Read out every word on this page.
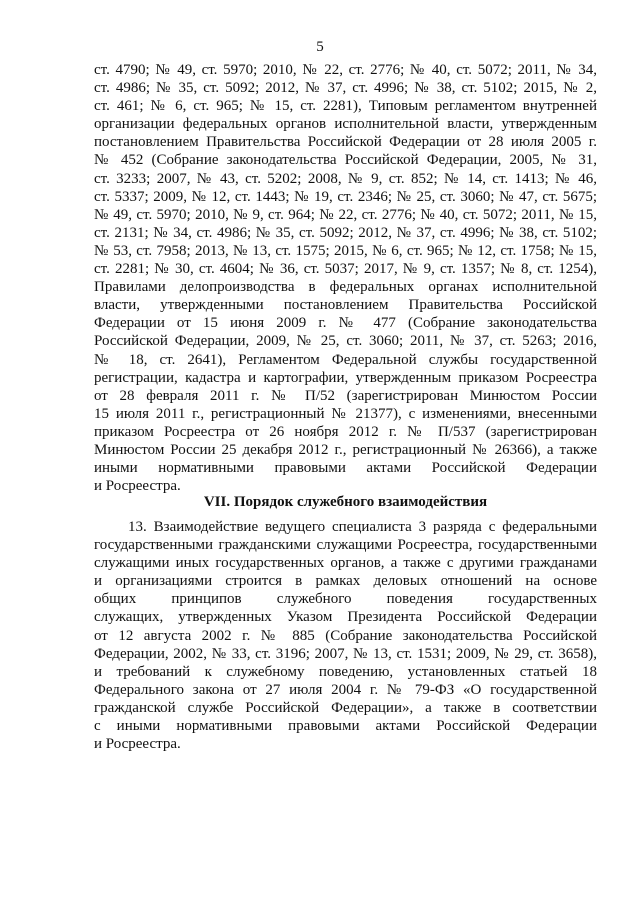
5
ст. 4790; № 49, ст. 5970; 2010, № 22, ст. 2776; № 40, ст. 5072; 2011, № 34,
ст. 4986; № 35, ст. 5092; 2012, № 37, ст. 4996; № 38, ст. 5102; 2015, № 2,
ст. 461; № 6, ст. 965; № 15, ст. 2281), Типовым регламентом внутренней
организации федеральных органов исполнительной власти, утвержденным
постановлением Правительства Российской Федерации от 28 июля 2005 г.
№ 452 (Собрание законодательства Российской Федерации, 2005, № 31,
ст. 3233; 2007, № 43, ст. 5202; 2008, № 9, ст. 852; № 14, ст. 1413; № 46,
ст. 5337; 2009, № 12, ст. 1443; № 19, ст. 2346; № 25, ст. 3060; № 47, ст. 5675;
№ 49, ст. 5970; 2010, № 9, ст. 964; № 22, ст. 2776; № 40, ст. 5072; 2011, № 15,
ст. 2131; № 34, ст. 4986; № 35, ст. 5092; 2012, № 37, ст. 4996; № 38, ст. 5102;
№ 53, ст. 7958; 2013, № 13, ст. 1575; 2015, № 6, ст. 965; № 12, ст. 1758; № 15,
ст. 2281; № 30, ст. 4604; № 36, ст. 5037; 2017, № 9, ст. 1357; № 8, ст. 1254),
Правилами делопроизводства в федеральных органах исполнительной
власти, утвержденными постановлением Правительства Российской
Федерации от 15 июня 2009 г. № 477 (Собрание законодательства
Российской Федерации, 2009, № 25, ст. 3060; 2011, № 37, ст. 5263; 2016,
№ 18, ст. 2641), Регламентом Федеральной службы государственной
регистрации, кадастра и картографии, утвержденным приказом Росреестра
от 28 февраля 2011 г. № П/52 (зарегистрирован Минюстом России
15 июля 2011 г., регистрационный № 21377), с изменениями, внесенными
приказом Росреестра от 26 ноября 2012 г. № П/537 (зарегистрирован
Минюстом России 25 декабря 2012 г., регистрационный № 26366), а также
иными нормативными правовыми актами Российской Федерации
и Росреестра.
VII. Порядок служебного взаимодействия
13. Взаимодействие ведущего специалиста 3 разряда с федеральными
государственными гражданскими служащими Росреестра, государственными
служащими иных государственных органов, а также с другими гражданами
и организациями строится в рамках деловых отношений на основе
общих принципов служебного поведения государственных
служащих, утвержденных Указом Президента Российской Федерации
от 12 августа 2002 г. № 885 (Собрание законодательства Российской
Федерации, 2002, № 33, ст. 3196; 2007, № 13, ст. 1531; 2009, № 29, ст. 3658),
и требований к служебному поведению, установленных статьей 18
Федерального закона от 27 июля 2004 г. № 79-ФЗ «О государственной
гражданской службе Российской Федерации», а также в соответствии
с иными нормативными правовыми актами Российской Федерации
и Росреестра.
